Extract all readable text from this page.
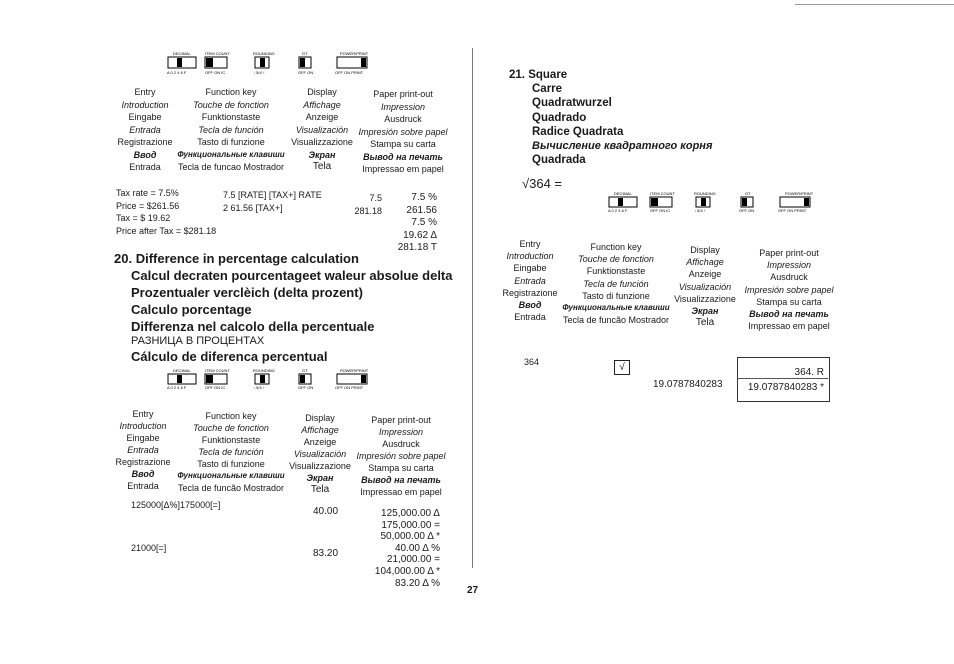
DECIMAL
A 0 2 4 6 F
ITEM COUNT
OFF ON IC
ROUNDING
↓ 5/4 ↑
GT
OFF ON
POWER/PRINT
OFF ON PRINT
Entry
Introduction
Eingabe
Entrada
Registrazione
Ввод
Entrada
Function key
Touche de fonction
Funktionstaste
Tecla de función
Tasto di funzione
Функциональные клавиши
Tecla de funcao Mostrador
Display
Affichage
Anzeige
Visualización
Visualizzazione
Экран
Tela
Paper print-out
Impression
Ausdruck
Impresión sobre papel
Stampa su carta
Вывод на печать
Impressao em papel
Tax rate = 7.5%
Price = $261.56
Tax = $ 19.62
Price after Tax = $281.18
7.5 [RATE] [TAX+] RATE
2 61.56 [TAX+]
7.5
281.18
7.5 %
261.56
7.5 %
19.62 Δ
281.18 T
20. Difference in percentage calculation
Calcul decraten pourcentageet waleur absolue delta
Prozentualer verclèich (delta prozent)
Calculo porcentage
Differenza nel calcolo della percentuale
РАЗНИЦА В ПРОЦЕНТАХ
Cálculo de diferenca percentual
DECIMAL
A 0 2 4 6 F
ITEM COUNT
OFF ON IC
ROUNDING
↓ 5/4 ↑
GT
OFF ON
POWER/PRINT
OFF ON PRINT
Entry
Introduction
Eingabe
Entrada
Registrazione
Ввод
Entrada
Function key
Touche de fonction
Funktionstaste
Tecla de función
Tasto di funzione
Функциональные клавиши
Tecla de funcão Mostrador
Display
Affichage
Anzeige
Visualización
Visualizzazione
Экран
Tela
Paper print-out
Impression
Ausdruck
Impresión sobre papel
Stampa su carta
Вывод на печать
Impressao em papel
125000[Δ%]175000[=]
40.00
21000[=]	83.20
125,000.00 Δ
175,000.00 =
50,000.00 Δ *
40.00 Δ %
21,000.00 =
104,000.00 Δ *
83.20 Δ %
21. Square
Carre
Quadratwurzel
Quadrado
Radice Quadrata
Вычисление квадратного корня
Quadrada
√364 =
DECIMAL
A 0 2 4 6 F
ITEM COUNT
OFF ON IC
ROUNDING
↓ 5/4 ↑
GT
OFF ON
POWER/PRINT
OFF ON PRINT
Entry
Introduction
Eingabe
Entrada
Registrazione
Ввод
Entrada
Function key
Touche de fonction
Funktionstaste
Tecla de función
Tasto di funzione
Функциональные клавиши
Tecla de funcão Mostrador
Display
Affichage
Anzeige
Visualización
Visualizzazione
Экран
Tela
Paper print-out
Impression
Ausdruck
Impresión sobre papel
Stampa su carta
Вывод на печать
Impressao em papel
364	√
19.0787840283
364. R
19.0787840283 *
27
